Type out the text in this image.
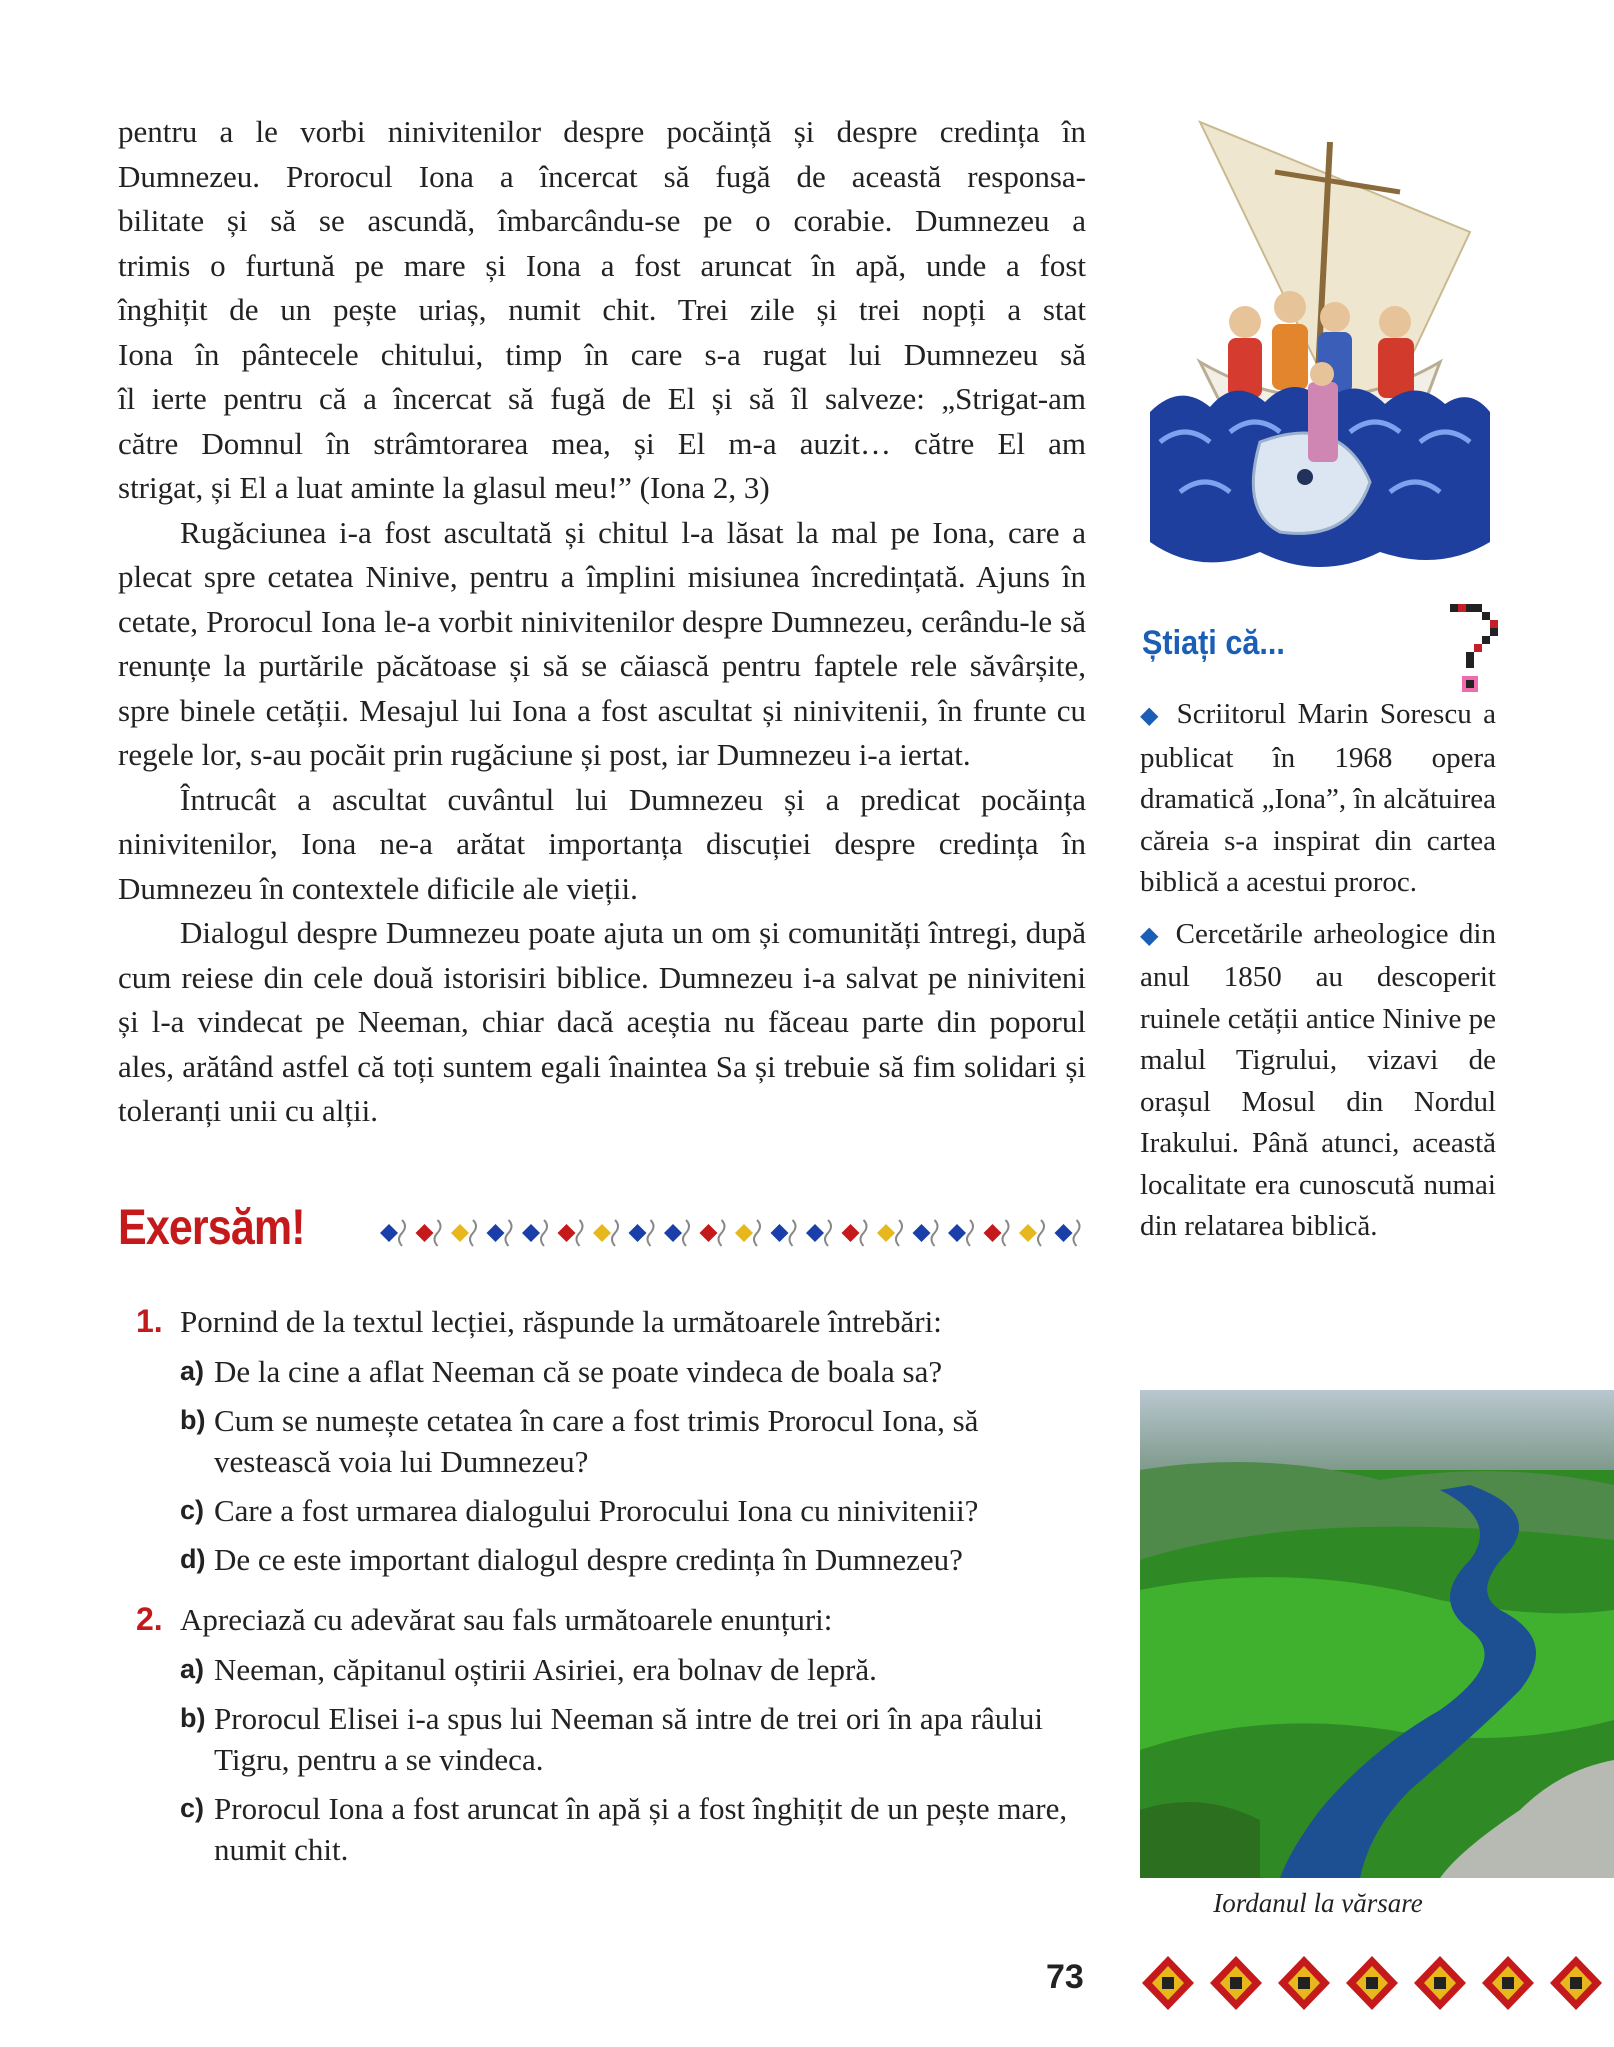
pentru a le vorbi ninivitenilor despre pocăință și despre credința în

Dumnezeu. Prorocul Iona a încercat să fugă de această responsa-

bilitate și să se ascundă, îmbarcându-se pe o corabie. Dumnezeu a

trimis o furtună pe mare și Iona a fost aruncat în apă, unde a fost

înghițit de un pește uriaș, numit chit. Trei zile și trei nopți a stat

Iona în pântecele chitului, timp în care s-a rugat lui Dumnezeu să

îl ierte pentru că a încercat să fugă de El și să îl salveze: „Strigat-am

către Domnul în strâmtorarea mea, și El m-a auzit… către El am

strigat, și El a luat aminte la glasul meu!” (Iona 2, 3)

Rugăciunea i-a fost ascultată și chitul l-a lăsat la mal pe Iona, care a plecat spre cetatea Ninive, pentru a împlini misiunea încredințată. Ajuns în cetate, Prorocul Iona le-a vorbit ninivitenilor despre Dumnezeu, cerându-le să renunțe la purtările păcătoase și să se căiască pentru faptele rele săvârșite, spre binele cetății. Mesajul lui Iona a fost ascultat și ninivitenii, în frunte cu regele lor, s-au pocăit prin rugăciune și post, iar Dumnezeu i-a iertat.

Întrucât a ascultat cuvântul lui Dumnezeu și a predicat pocăința ninivitenilor, Iona ne-a arătat importanța discuției despre credința în Dumnezeu în contextele dificile ale vieții.

Dialogul despre Dumnezeu poate ajuta un om și comunități întregi, după cum reiese din cele două istorisiri biblice. Dumnezeu i-a salvat pe niniviteni și l-a vindecat pe Neeman, chiar dacă aceștia nu făceau parte din poporul ales, arătând astfel că toți suntem egali înaintea Sa și trebuie să fim solidari și toleranți unii cu alții.

Exersăm!
1. Pornind de la textul lecției, răspunde la următoarele întrebări:
a) De la cine a aflat Neeman că se poate vindeca de boala sa?
b) Cum se numește cetatea în care a fost trimis Prorocul Iona, să vestească voia lui Dumnezeu?
c) Care a fost urmarea dialogului Prorocului Iona cu ninivitenii?
d) De ce este important dialogul despre credința în Dumnezeu?
2. Apreciază cu adevărat sau fals următoarele enunțuri:
a) Neeman, căpitanul oștirii Asiriei, era bolnav de lepră.
b) Prorocul Elisei i-a spus lui Neeman să intre de trei ori în apa râului Tigru, pentru a se vindeca.
c) Prorocul Iona a fost aruncat în apă și a fost înghițit de un pește mare, numit chit.
Știați că...

◆ Scriitorul Marin Sorescu a publicat în 1968 opera dramatică „Iona”, în alcătuirea căreia s-a inspirat din cartea biblică a acestui proroc.

◆ Cercetările arheologice din anul 1850 au descoperit ruinele cetății antice Ninive pe malul Tigrului, vizavi de orașul Mosul din Nordul Irakului. Până atunci, această localitate era cunoscută numai din relatarea biblică.

Iordanul la vărsare
73
